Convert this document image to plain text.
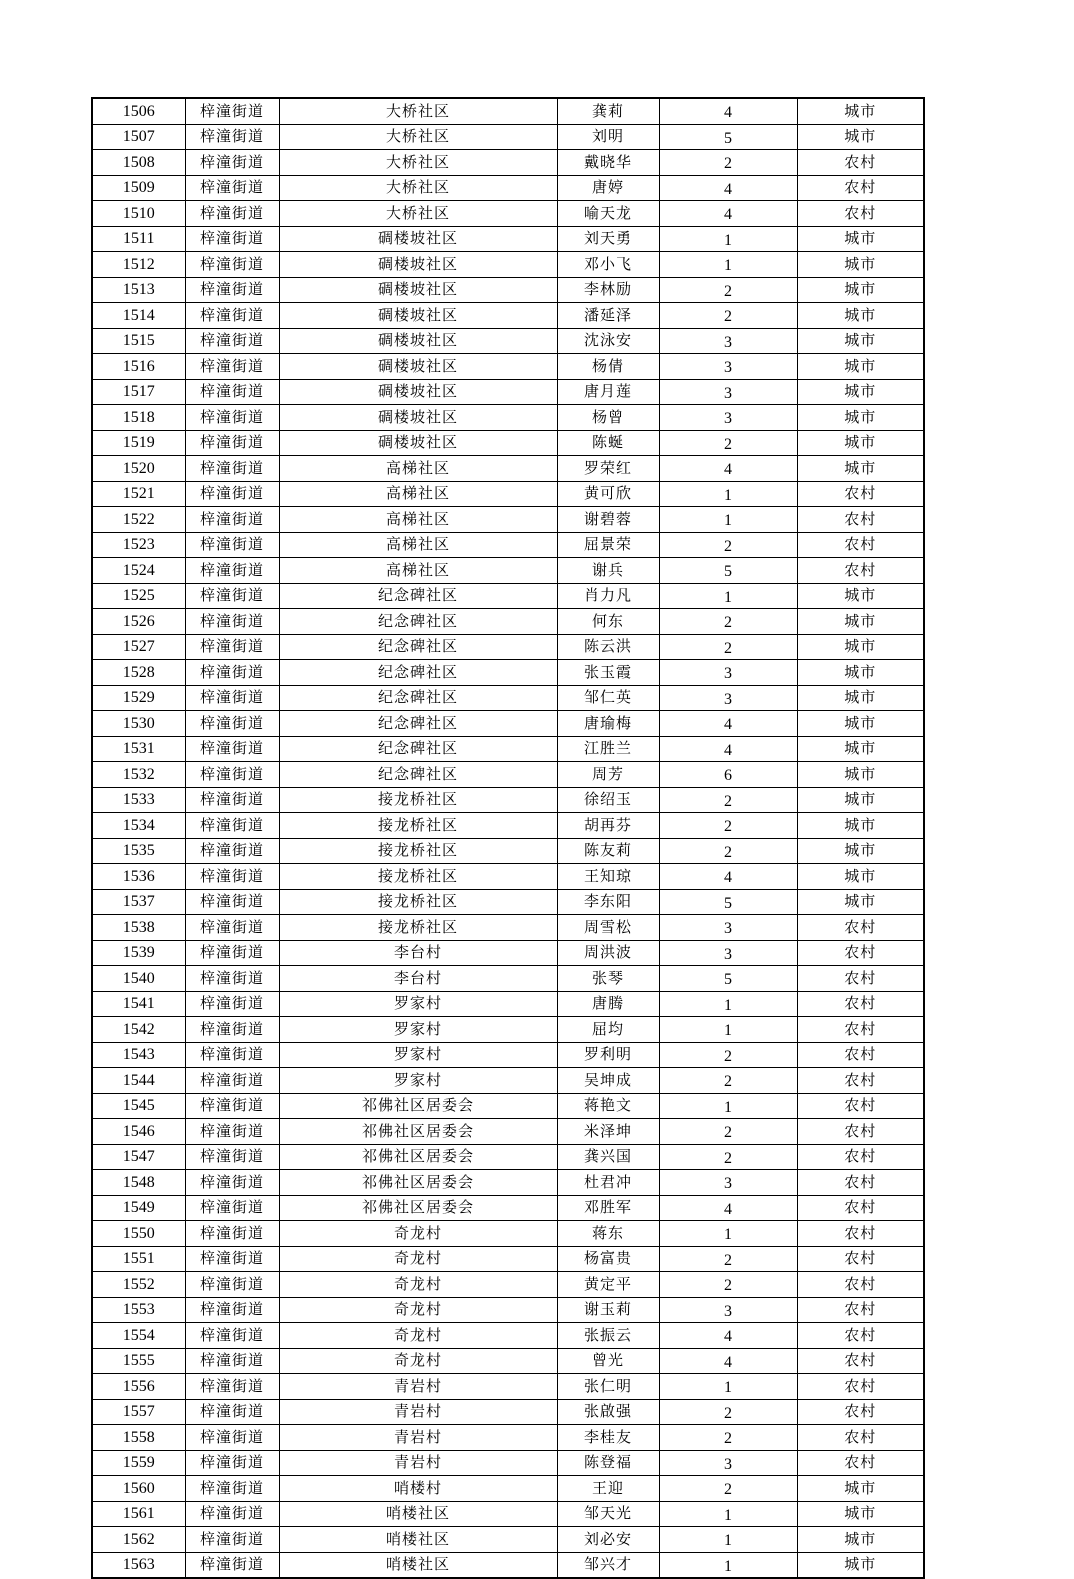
1506	梓潼街道	大桥社区	龚莉	4	城市
1507	梓潼街道	大桥社区	刘明	5	城市
1508	梓潼街道	大桥社区	戴晓华	2	农村
1509	梓潼街道	大桥社区	唐婷	4	农村
1510	梓潼街道	大桥社区	喻天龙	4	农村
1511	梓潼街道	碉楼坡社区	刘天勇	1	城市
1512	梓潼街道	碉楼坡社区	邓小飞	1	城市
1513	梓潼街道	碉楼坡社区	李林励	2	城市
1514	梓潼街道	碉楼坡社区	潘延泽	2	城市
1515	梓潼街道	碉楼坡社区	沈泳安	3	城市
1516	梓潼街道	碉楼坡社区	杨倩	3	城市
1517	梓潼街道	碉楼坡社区	唐月莲	3	城市
1518	梓潼街道	碉楼坡社区	杨曾	3	城市
1519	梓潼街道	碉楼坡社区	陈蜒	2	城市
1520	梓潼街道	高梯社区	罗荣红	4	城市
1521	梓潼街道	高梯社区	黄可欣	1	农村
1522	梓潼街道	高梯社区	谢碧蓉	1	农村
1523	梓潼街道	高梯社区	屈景荣	2	农村
1524	梓潼街道	高梯社区	谢兵	5	农村
1525	梓潼街道	纪念碑社区	肖力凡	1	城市
1526	梓潼街道	纪念碑社区	何东	2	城市
1527	梓潼街道	纪念碑社区	陈云洪	2	城市
1528	梓潼街道	纪念碑社区	张玉霞	3	城市
1529	梓潼街道	纪念碑社区	邹仁英	3	城市
1530	梓潼街道	纪念碑社区	唐瑜梅	4	城市
1531	梓潼街道	纪念碑社区	江胜兰	4	城市
1532	梓潼街道	纪念碑社区	周芳	6	城市
1533	梓潼街道	接龙桥社区	徐绍玉	2	城市
1534	梓潼街道	接龙桥社区	胡再芬	2	城市
1535	梓潼街道	接龙桥社区	陈友莉	2	城市
1536	梓潼街道	接龙桥社区	王知琼	4	城市
1537	梓潼街道	接龙桥社区	李东阳	5	城市
1538	梓潼街道	接龙桥社区	周雪松	3	农村
1539	梓潼街道	李台村	周洪波	3	农村
1540	梓潼街道	李台村	张琴	5	农村
1541	梓潼街道	罗家村	唐腾	1	农村
1542	梓潼街道	罗家村	屈均	1	农村
1543	梓潼街道	罗家村	罗利明	2	农村
1544	梓潼街道	罗家村	吴坤成	2	农村
1545	梓潼街道	祁佛社区居委会	蒋艳文	1	农村
1546	梓潼街道	祁佛社区居委会	米泽坤	2	农村
1547	梓潼街道	祁佛社区居委会	龚兴国	2	农村
1548	梓潼街道	祁佛社区居委会	杜君冲	3	农村
1549	梓潼街道	祁佛社区居委会	邓胜军	4	农村
1550	梓潼街道	奇龙村	蒋东	1	农村
1551	梓潼街道	奇龙村	杨富贵	2	农村
1552	梓潼街道	奇龙村	黄定平	2	农村
1553	梓潼街道	奇龙村	谢玉莉	3	农村
1554	梓潼街道	奇龙村	张振云	4	农村
1555	梓潼街道	奇龙村	曾光	4	农村
1556	梓潼街道	青岩村	张仁明	1	农村
1557	梓潼街道	青岩村	张啟强	2	农村
1558	梓潼街道	青岩村	李桂友	2	农村
1559	梓潼街道	青岩村	陈登福	3	农村
1560	梓潼街道	哨楼村	王迎	2	城市
1561	梓潼街道	哨楼社区	邹天光	1	城市
1562	梓潼街道	哨楼社区	刘必安	1	城市
1563	梓潼街道	哨楼社区	邹兴才	1	城市
